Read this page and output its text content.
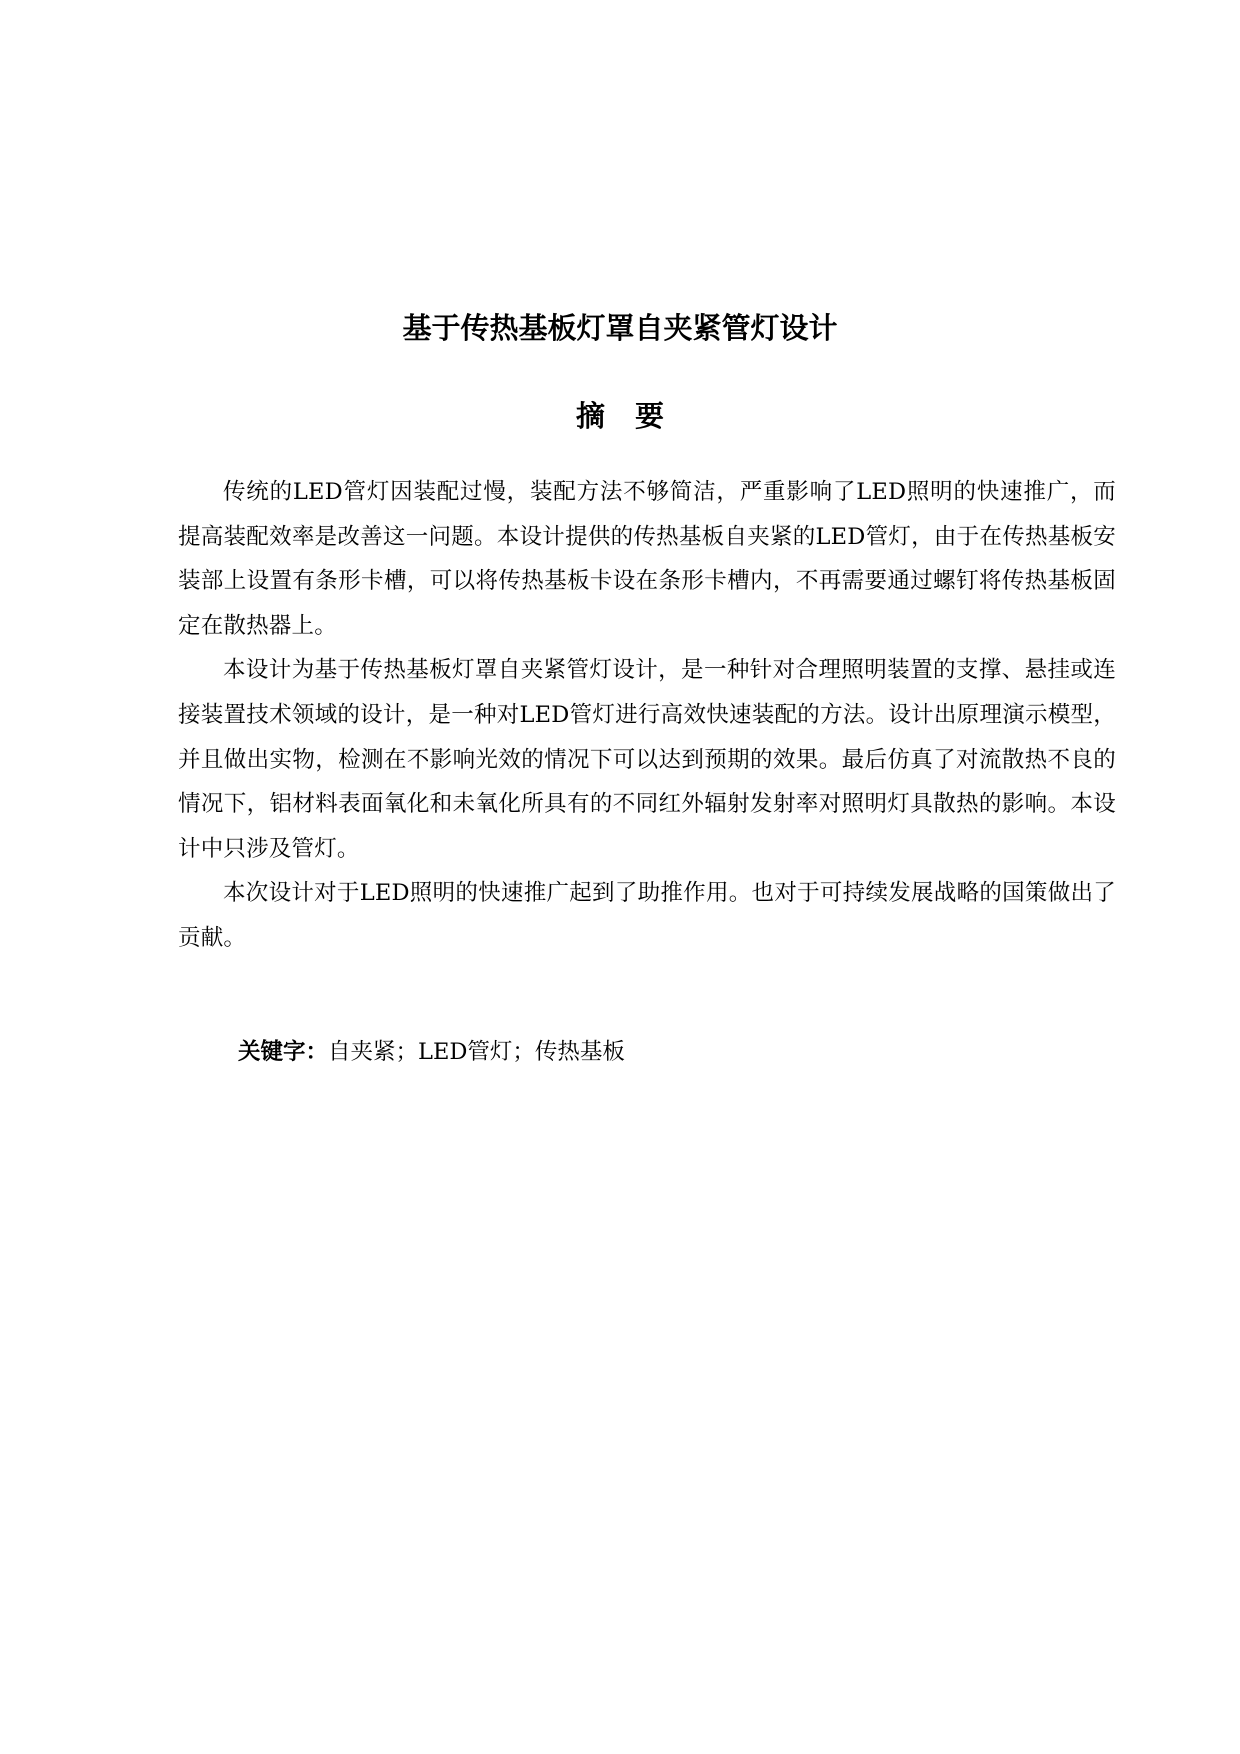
基于传热基板灯罩自夹紧管灯设计
摘要

传统的LED管灯因装配过慢，装配方法不够简洁，严重影响了LED照明的快速推广，而提高装配效率是改善这一问题。本设计提供的传热基板自夹紧的LED管灯，由于在传热基板安装部上设置有条形卡槽，可以将传热基板卡设在条形卡槽内，不再需要通过螺钉将传热基板固定在散热器上。

本设计为基于传热基板灯罩自夹紧管灯设计，是一种针对合理照明装置的支撑、悬挂或连接装置技术领域的设计，是一种对LED管灯进行高效快速装配的方法。设计出原理演示模型，并且做出实物，检测在不影响光效的情况下可以达到预期的效果。最后仿真了对流散热不良的情况下，铝材料表面氧化和未氧化所具有的不同红外辐射发射率对照明灯具散热的影响。本设计中只涉及管灯。

本次设计对于LED照明的快速推广起到了助推作用。也对于可持续发展战略的国策做出了贡献。

关键字：自夹紧；LED管灯；传热基板
